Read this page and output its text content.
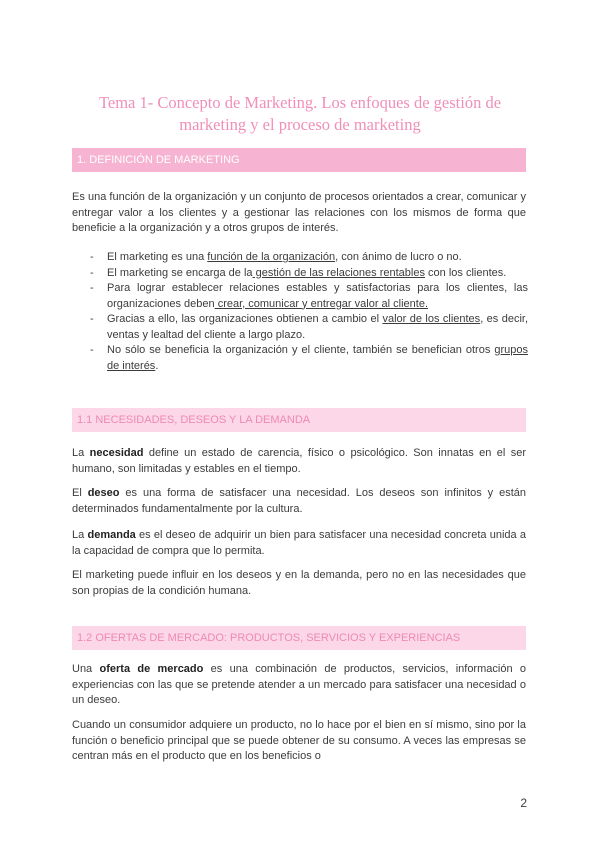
Tema 1- Concepto de Marketing. Los enfoques de gestión de marketing y el proceso de marketing
1. DEFINICIÓN DE MARKETING
Es una función de la organización y un conjunto de procesos orientados a crear, comunicar y entregar valor a los clientes y a gestionar las relaciones con los mismos de forma que beneficie a la organización y a otros grupos de interés.
- El marketing es una función de la organización, con ánimo de lucro o no.
- El marketing se encarga de la gestión de las relaciones rentables con los clientes.
- Para lograr establecer relaciones estables y satisfactorias para los clientes, las organizaciones deben crear, comunicar y entregar valor al cliente.
- Gracias a ello, las organizaciones obtienen a cambio el valor de los clientes, es decir, ventas y lealtad del cliente a largo plazo.
- No sólo se beneficia la organización y el cliente, también se benefician otros grupos de interés.
1.1 NECESIDADES, DESEOS Y LA DEMANDA
La necesidad define un estado de carencia, físico o psicológico. Son innatas en el ser humano, son limitadas y estables en el tiempo.
El deseo es una forma de satisfacer una necesidad. Los deseos son infinitos y están determinados fundamentalmente por la cultura.
La demanda es el deseo de adquirir un bien para satisfacer una necesidad concreta unida a la capacidad de compra que lo permita.
El marketing puede influir en los deseos y en la demanda, pero no en las necesidades que son propias de la condición humana.
1.2 OFERTAS DE MERCADO: PRODUCTOS, SERVICIOS Y EXPERIENCIAS
Una oferta de mercado es una combinación de productos, servicios, información o experiencias con las que se pretende atender a un mercado para satisfacer una necesidad o un deseo.
Cuando un consumidor adquiere un producto, no lo hace por el bien en sí mismo, sino por la función o beneficio principal que se puede obtener de su consumo. A veces las empresas se centran más en el producto que en los beneficios o
2
